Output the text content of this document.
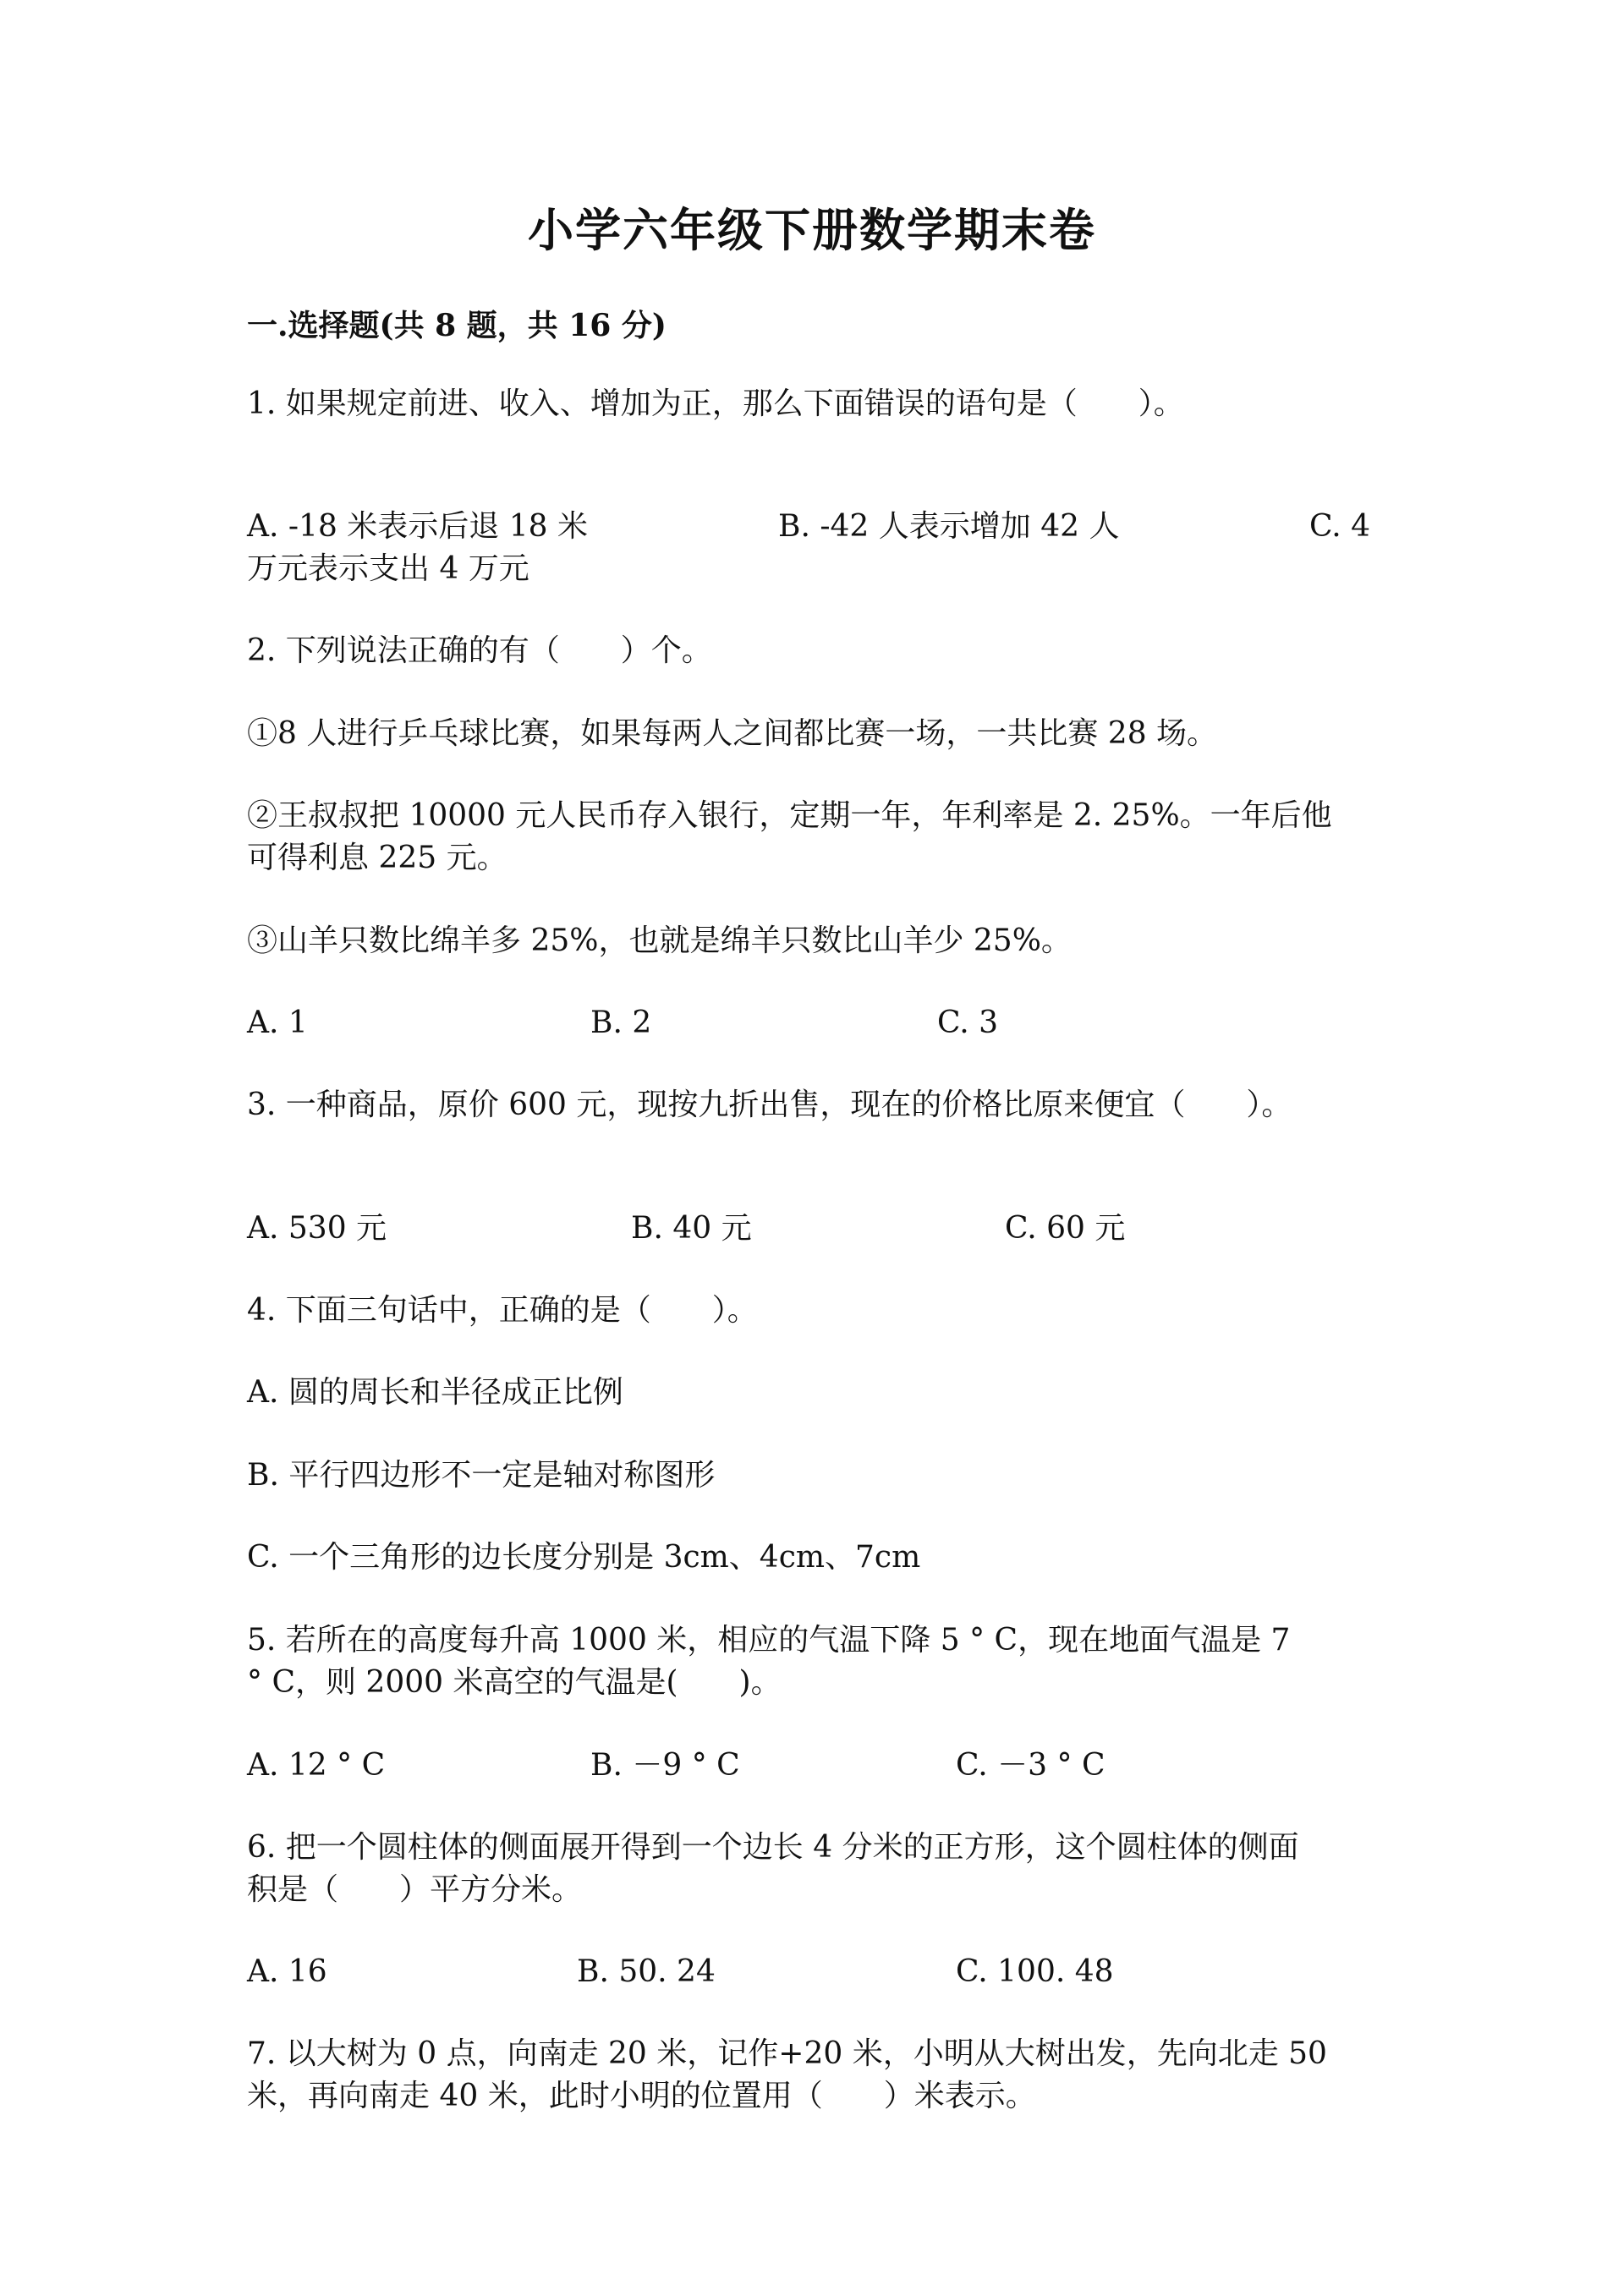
小学六年级下册数学期末卷
一.选择题(共 8 题，共 16 分)

1. 如果规定前进、收入、增加为正，那么下面错误的语句是（　　）。

A. -18 米表示后退 18 米	B. -42 人表示增加 42 人	C. 4
万元表示支出 4 万元

2. 下列说法正确的有（　　）个。

①8 人进行乒乓球比赛，如果每两人之间都比赛一场，一共比赛 28 场。

②王叔叔把 10000 元人民币存入银行，定期一年，年利率是 2. 25%。一年后他

可得利息 225 元。

③山羊只数比绵羊多 25%，也就是绵羊只数比山羊少 25%。

A. 1	B. 2	C. 3

3. 一种商品，原价 600 元，现按九折出售，现在的价格比原来便宜（　　）。

A. 530 元	B. 40 元	C. 60 元

4. 下面三句话中，正确的是（　　）。

A. 圆的周长和半径成正比例

B. 平行四边形不一定是轴对称图形

C. 一个三角形的边长度分别是 3cm、4cm、7cm

5. 若所在的高度每升高 1000 米，相应的气温下降 5 ° C，现在地面气温是 7

° C，则 2000 米高空的气温是(　　)。

A. 12 ° C	B. －9 ° C	C. －3 ° C

6. 把一个圆柱体的侧面展开得到一个边长 4 分米的正方形，这个圆柱体的侧面

积是（　　）平方分米。

A. 16	B. 50. 24	C. 100. 48

7. 以大树为 0 点，向南走 20 米，记作+20 米，小明从大树出发，先向北走 50

米，再向南走 40 米，此时小明的位置用（　　）米表示。
